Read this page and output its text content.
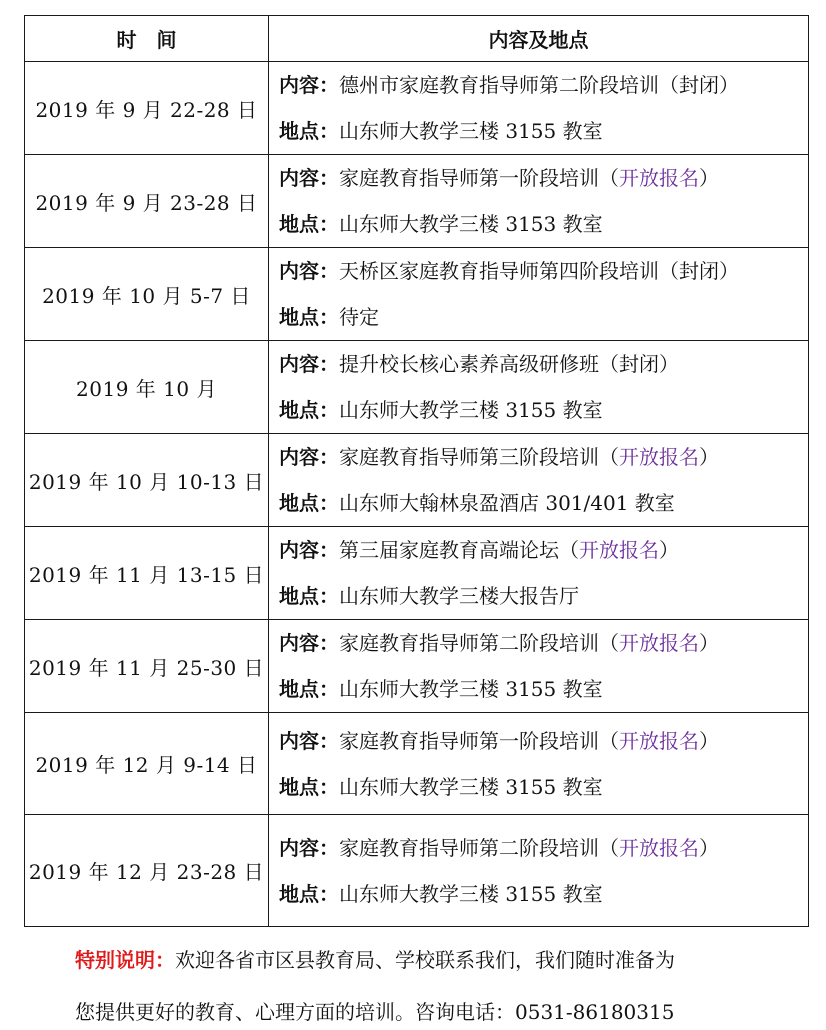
时　间	内容及地点
2019 年 9 月 22-28 日	内容：德州市家庭教育指导师第二阶段培训（封闭）
地点：山东师大教学三楼 3155 教室

2019 年 9 月 23-28 日	内容：家庭教育指导师第一阶段培训（开放报名）
地点：山东师大教学三楼 3153 教室

2019 年 10 月 5-7 日	内容：天桥区家庭教育指导师第四阶段培训（封闭）
地点：待定

2019 年 10 月	内容：提升校长核心素养高级研修班（封闭）
地点：山东师大教学三楼 3155 教室

2019 年 10 月 10-13 日	内容：家庭教育指导师第三阶段培训（开放报名）
地点：山东师大翰林泉盈酒店 301/401 教室

2019 年 11 月 13-15 日	内容：第三届家庭教育高端论坛（开放报名）
地点：山东师大教学三楼大报告厅

2019 年 11 月 25-30 日	内容：家庭教育指导师第二阶段培训（开放报名）
地点：山东师大教学三楼 3155 教室

2019 年 12 月 9-14 日	内容：家庭教育指导师第一阶段培训（开放报名）
地点：山东师大教学三楼 3155 教室

2019 年 12 月 23-28 日	内容：家庭教育指导师第二阶段培训（开放报名）
地点：山东师大教学三楼 3155 教室
特别说明：欢迎各省市区县教育局、学校联系我们，我们随时准备为
您提供更好的教育、心理方面的培训。咨询电话：0531-86180315
